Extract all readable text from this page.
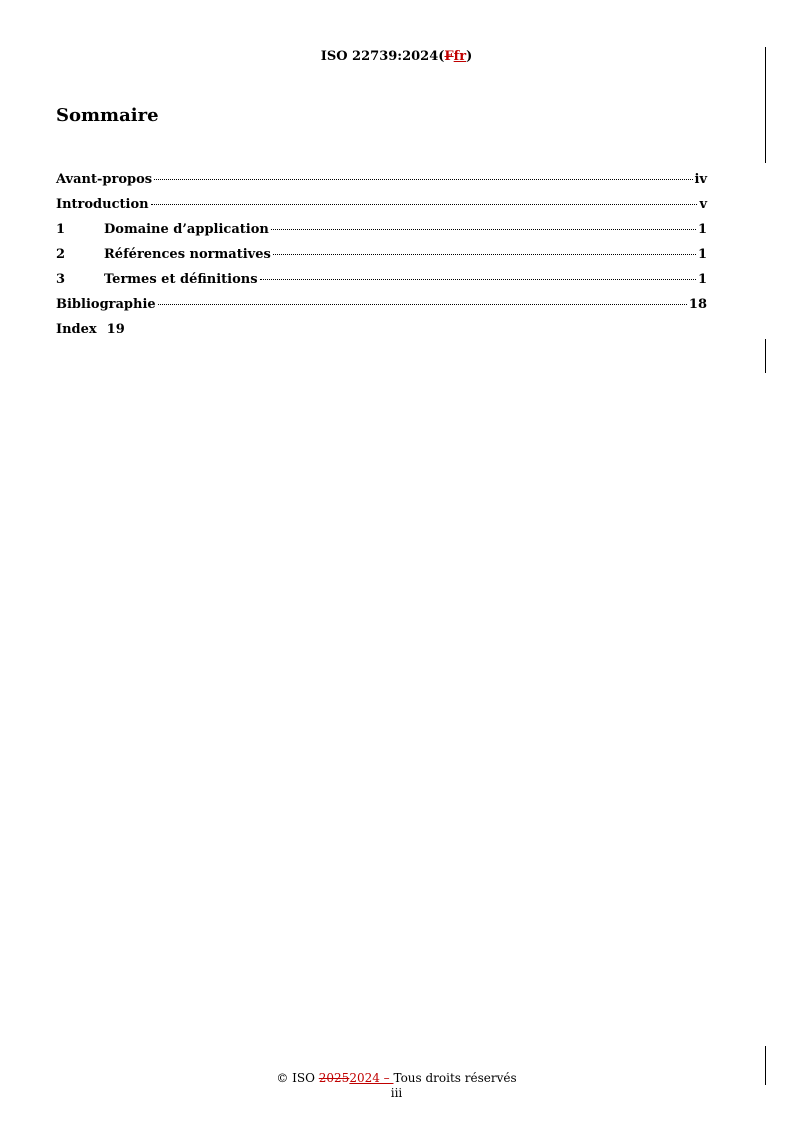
ISO 22739:2024(Ffr)
Sommaire
Avant-propos	iv
Introduction	v
1	Domaine d’application	1
2	Références normatives	1
3	Termes et définitions	1
Bibliographie	18
Index 19
© ISO 20252024 – Tous droits réservés
iii
